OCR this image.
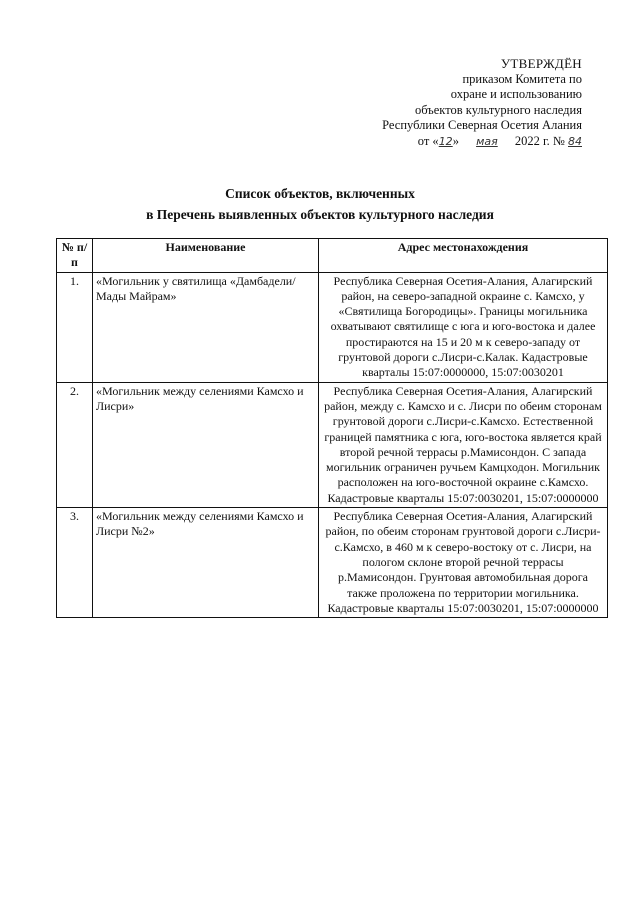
УТВЕРЖДЁН
приказом Комитета по
охране и использованию
объектов культурного наследия
Республики Северная Осетия Алания
от «12» мая 2022 г. № 84
Список объектов, включенных
в Перечень выявленных объектов культурного наследия
№ п/п	Наименование	Адрес местонахождения
1.	«Могильник у святилища «Дамбадели/Мады Майрам»	Республика Северная Осетия-Алания, Алагирский район, на северо-западной окраине с. Камсхо, у «Святилища Богородицы». Границы могильника охватывают святилище с юга и юго-востока и далее простираются на 15 и 20 м к северо-западу от грунтовой дороги с.Лисри-с.Калак. Кадастровые кварталы 15:07:0000000, 15:07:0030201
2.	«Могильник между селениями Камсхо и Лисри»	Республика Северная Осетия-Алания, Алагирский район, между с. Камсхо и с. Лисри по обеим сторонам грунтовой дороги с.Лисри-с.Камсхо. Естественной границей памятника с юга, юго-востока является край второй речной террасы р.Мамисондон. С запада могильник ограничен ручьем Камцходон. Могильник расположен на юго-восточной окраине с.Камсхо. Кадастровые кварталы 15:07:0030201, 15:07:0000000
3.	«Могильник между селениями Камсхо и Лисри №2»	Республика Северная Осетия-Алания, Алагирский район, по обеим сторонам грунтовой дороги с.Лисри-с.Камсхо, в 460 м к северо-востоку от с. Лисри, на пологом склоне второй речной террасы р.Мамисондон. Грунтовая автомобильная дорога также проложена по территории могильника. Кадастровые кварталы 15:07:0030201, 15:07:0000000
